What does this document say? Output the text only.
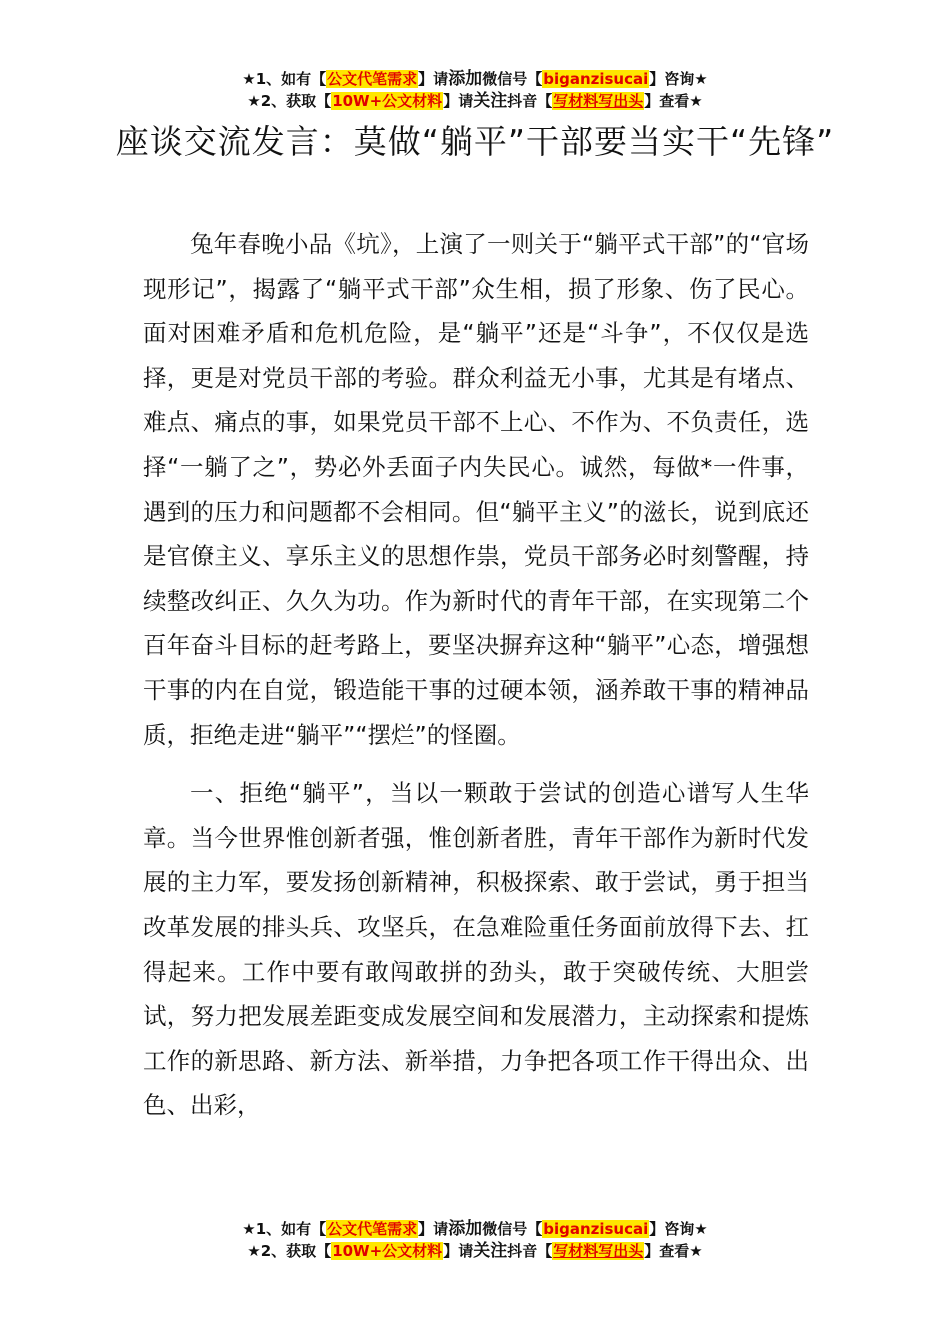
★1、如有【公文代笔需求】请添加微信号【biganzisucai】咨询★
★2、获取【10W+公文材料】请关注抖音【写材料写出头】查看★
座谈交流发言：莫做“躺平”干部要当实干“先锋”

兔年春晚小品《坑》，上演了一则关于“躺平式干部”的“官场现形记”，揭露了“躺平式干部”众生相，损了形象、伤了民心。面对困难矛盾和危机危险，是“躺平”还是“斗争”，不仅仅是选择，更是对党员干部的考验。群众利益无小事，尤其是有堵点、难点、痛点的事，如果党员干部不上心、不作为、不负责任，选择“一躺了之”，势必外丢面子内失民心。诚然，每做*一件事，遇到的压力和问题都不会相同。但“躺平主义”的滋长，说到底还是官僚主义、享乐主义的思想作祟，党员干部务必时刻警醒，持续整改纠正、久久为功。作为新时代的青年干部，在实现第二个百年奋斗目标的赶考路上，要坚决摒弃这种“躺平”心态，增强想干事的内在自觉，锻造能干事的过硬本领，涵养敢干事的精神品质，拒绝走进“躺平”“摆烂”的怪圈。

一、拒绝“躺平”，当以一颗敢于尝试的创造心谱写人生华章。当今世界惟创新者强，惟创新者胜，青年干部作为新时代发展的主力军，要发扬创新精神，积极探索、敢于尝试，勇于担当改革发展的排头兵、攻坚兵，在急难险重任务面前放得下去、扛得起来。工作中要有敢闯敢拼的劲头，敢于突破传统、大胆尝试，努力把发展差距变成发展空间和发展潜力，主动探索和提炼工作的新思路、新方法、新举措，力争把各项工作干得出众、出色、出彩，

★1、如有【公文代笔需求】请添加微信号【biganzisucai】咨询★
★2、获取【10W+公文材料】请关注抖音【写材料写出头】查看★
